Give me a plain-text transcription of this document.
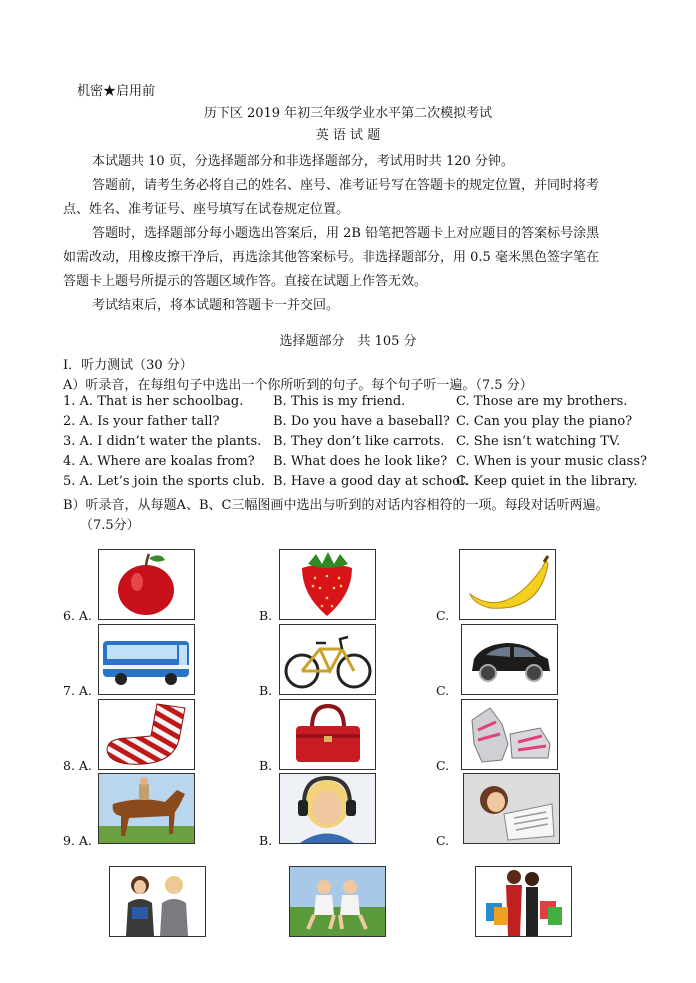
机密★启用前
历下区 2019 年初三年级学业水平第二次模拟考试
英 语 试 题
本试题共 10 页，分选择题部分和非选择题部分，考试用时共 120 分钟。
答题前，请考生务必将自己的姓名、座号、准考证号写在答题卡的规定位置，并同时将考
点、姓名、准考证号、座号填写在试卷规定位置。
答题时，选择题部分每小题选出答案后，用 2B 铅笔把答题卡上对应题目的答案标号涂黑
如需改动，用橡皮擦干净后，再选涂其他答案标号。非选择题部分，用 0.5 毫米黑色签字笔在
答题卡上题号所提示的答题区域作答。直接在试题上作答无效。
考试结束后，将本试题和答题卡一并交回。
选择题部分　共 105 分
I．听力测试（30 分）
A）听录音，在每组句子中选出一个你所听到的句子。每个句子听一遍。（7.5 分）
1. A. That is her schoolbag. B. This is my friend.	C. Those are my brothers.
2. A. Is your father tall?	B. Do you have a baseball? C. Can you play the piano?
3. A. I didn’t water the plants. B. They don’t like carrots. C. She isn’t watching TV.
4. A. Where are koalas from? B. What does he look like? C. When is your music class?
5. A. Let’s join the sports club. B. Have a good day at school.
C. Keep quiet in the library.
B）听录音，从每题A、B、C三幅图画中选出与听到的对话内容相符的一项。每段对话听两遍。
（7.5分）
6. A.	B.	C.
7. A.	B.	C.
8. A.	B.	C.
9. A.	B.	C.
